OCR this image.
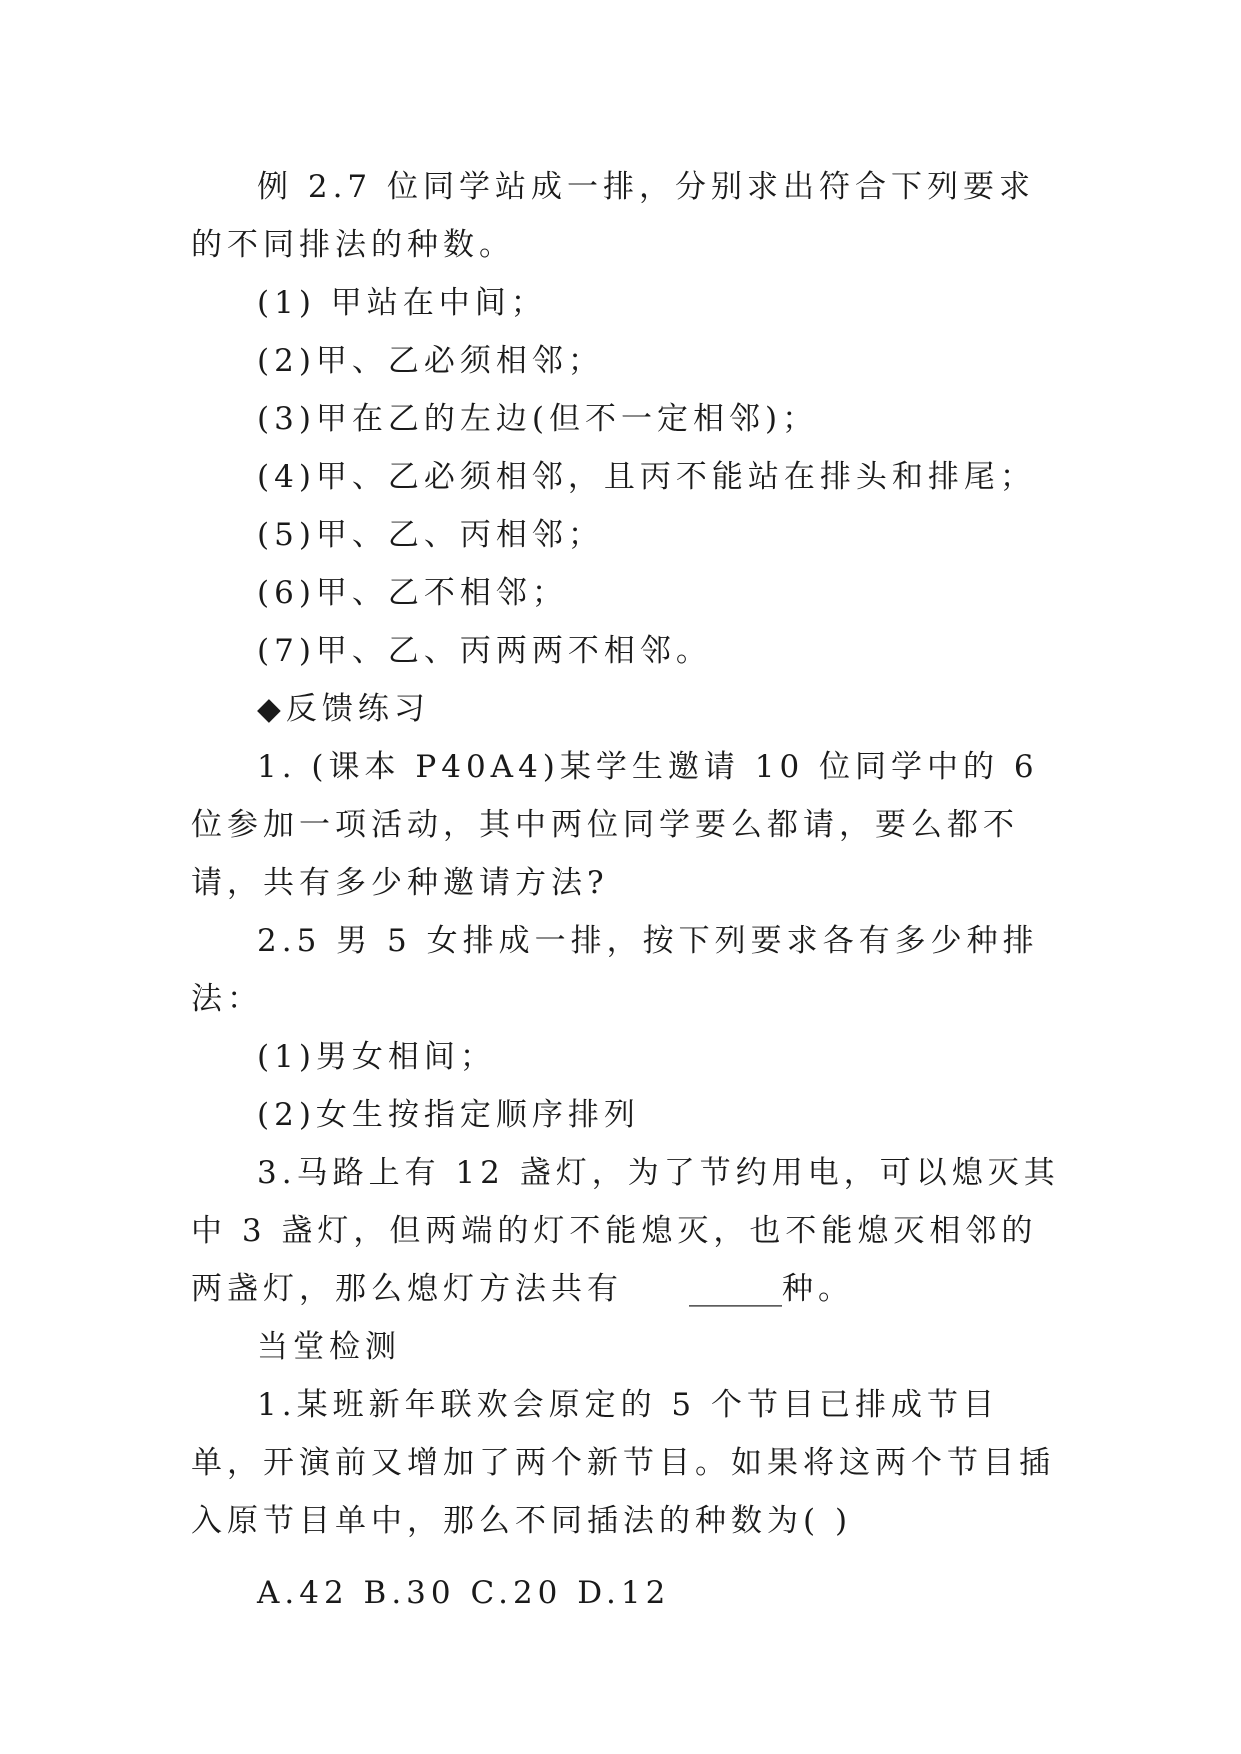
例 2.7 位同学站成一排，分别求出符合下列要求的不同排法的种数。

(1) 甲站在中间；

(2)甲、乙必须相邻；

(3)甲在乙的左边(但不一定相邻)；

(4)甲、乙必须相邻，且丙不能站在排头和排尾；

(5)甲、乙、丙相邻；

(6)甲、乙不相邻；

(7)甲、乙、丙两两不相邻。

◆反馈练习

1. (课本 P40A4)某学生邀请 10 位同学中的 6 位参加一项活动，其中两位同学要么都请，要么都不请，共有多少种邀请方法?

2.5 男 5 女排成一排，按下列要求各有多少种排法：

(1)男女相间；

(2)女生按指定顺序排列

3.马路上有 12 盏灯，为了节约用电，可以熄灭其中 3 盏灯，但两端的灯不能熄灭，也不能熄灭相邻的两盏灯，那么熄灯方法共有 ______种。

当堂检测

1.某班新年联欢会原定的 5 个节目已排成节目单，开演前又增加了两个新节目。如果将这两个节目插入原节目单中，那么不同插法的种数为( )

A.42 B.30 C.20 D.12
